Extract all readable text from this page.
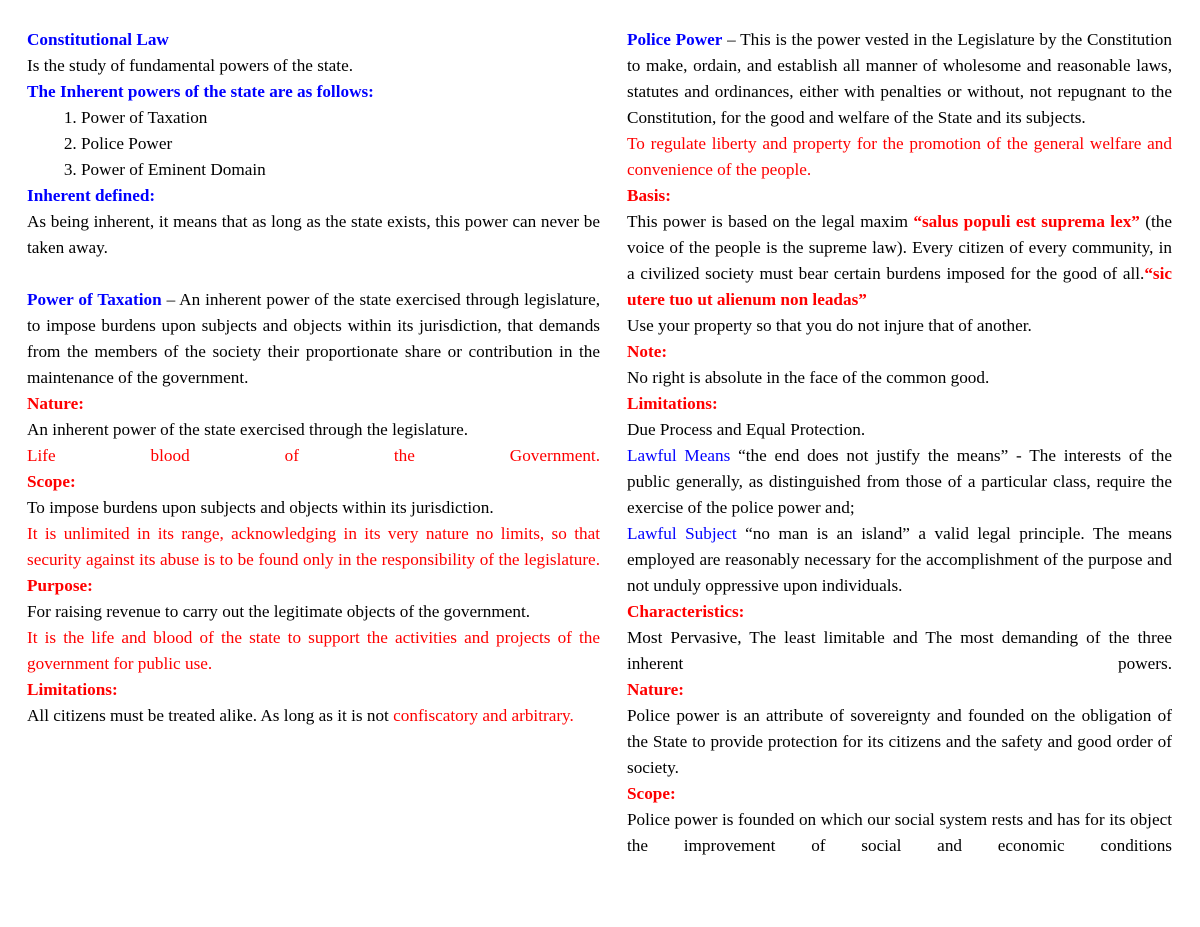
Constitutional Law

Is the study of fundamental powers of the state.

The Inherent powers of the state are as follows:

1. Power of Taxation
2. Police Power
3. Power of Eminent Domain

Inherent defined:

As being inherent, it means that as long as the state exists, this power can never be taken away.

Power of Taxation – An inherent power of the state exercised through legislature, to impose burdens upon subjects and objects within its jurisdiction, that demands from the members of the society their proportionate share or contribution in the maintenance of the government.

Nature:

An inherent power of the state exercised through the legislature.

Life blood of the Government.

Scope:

To impose burdens upon subjects and objects within its jurisdiction.

It is unlimited in its range, acknowledging in its very nature no limits, so that security against its abuse is to be found only in the responsibility of the legislature.

Purpose:

For raising revenue to carry out the legitimate objects of the government.

It is the life and blood of the state to support the activities and projects of the government for public use.

Limitations:

All citizens must be treated alike. As long as it is not confiscatory and arbitrary.

Police Power – This is the power vested in the Legislature by the Constitution to make, ordain, and establish all manner of wholesome and reasonable laws, statutes and ordinances, either with penalties or without, not repugnant to the Constitution, for the good and welfare of the State and its subjects.

To regulate liberty and property for the promotion of the general welfare and convenience of the people.

Basis:

This power is based on the legal maxim “salus populi est suprema lex” (the voice of the people is the supreme law). Every citizen of every community, in a civilized society must bear certain burdens imposed for the good of all.“sic utere tuo ut alienum non leadas”

Use your property so that you do not injure that of another.

Note:

No right is absolute in the face of the common good.

Limitations:

Due Process and Equal Protection.

Lawful Means “the end does not justify the means” - The interests of the public generally, as distinguished from those of a particular class, require the exercise of the police power and;

Lawful Subject “no man is an island” a valid legal principle. The means employed are reasonably necessary for the accomplishment of the purpose and not unduly oppressive upon individuals.

Characteristics:

Most Pervasive, The least limitable and The most demanding of the three inherent powers.

Nature:

Police power is an attribute of sovereignty and founded on the obligation of the State to provide protection for its citizens and the safety and good order of society.

Scope:

Police power is founded on which our social system rests and has for its object the improvement of social and economic conditions
